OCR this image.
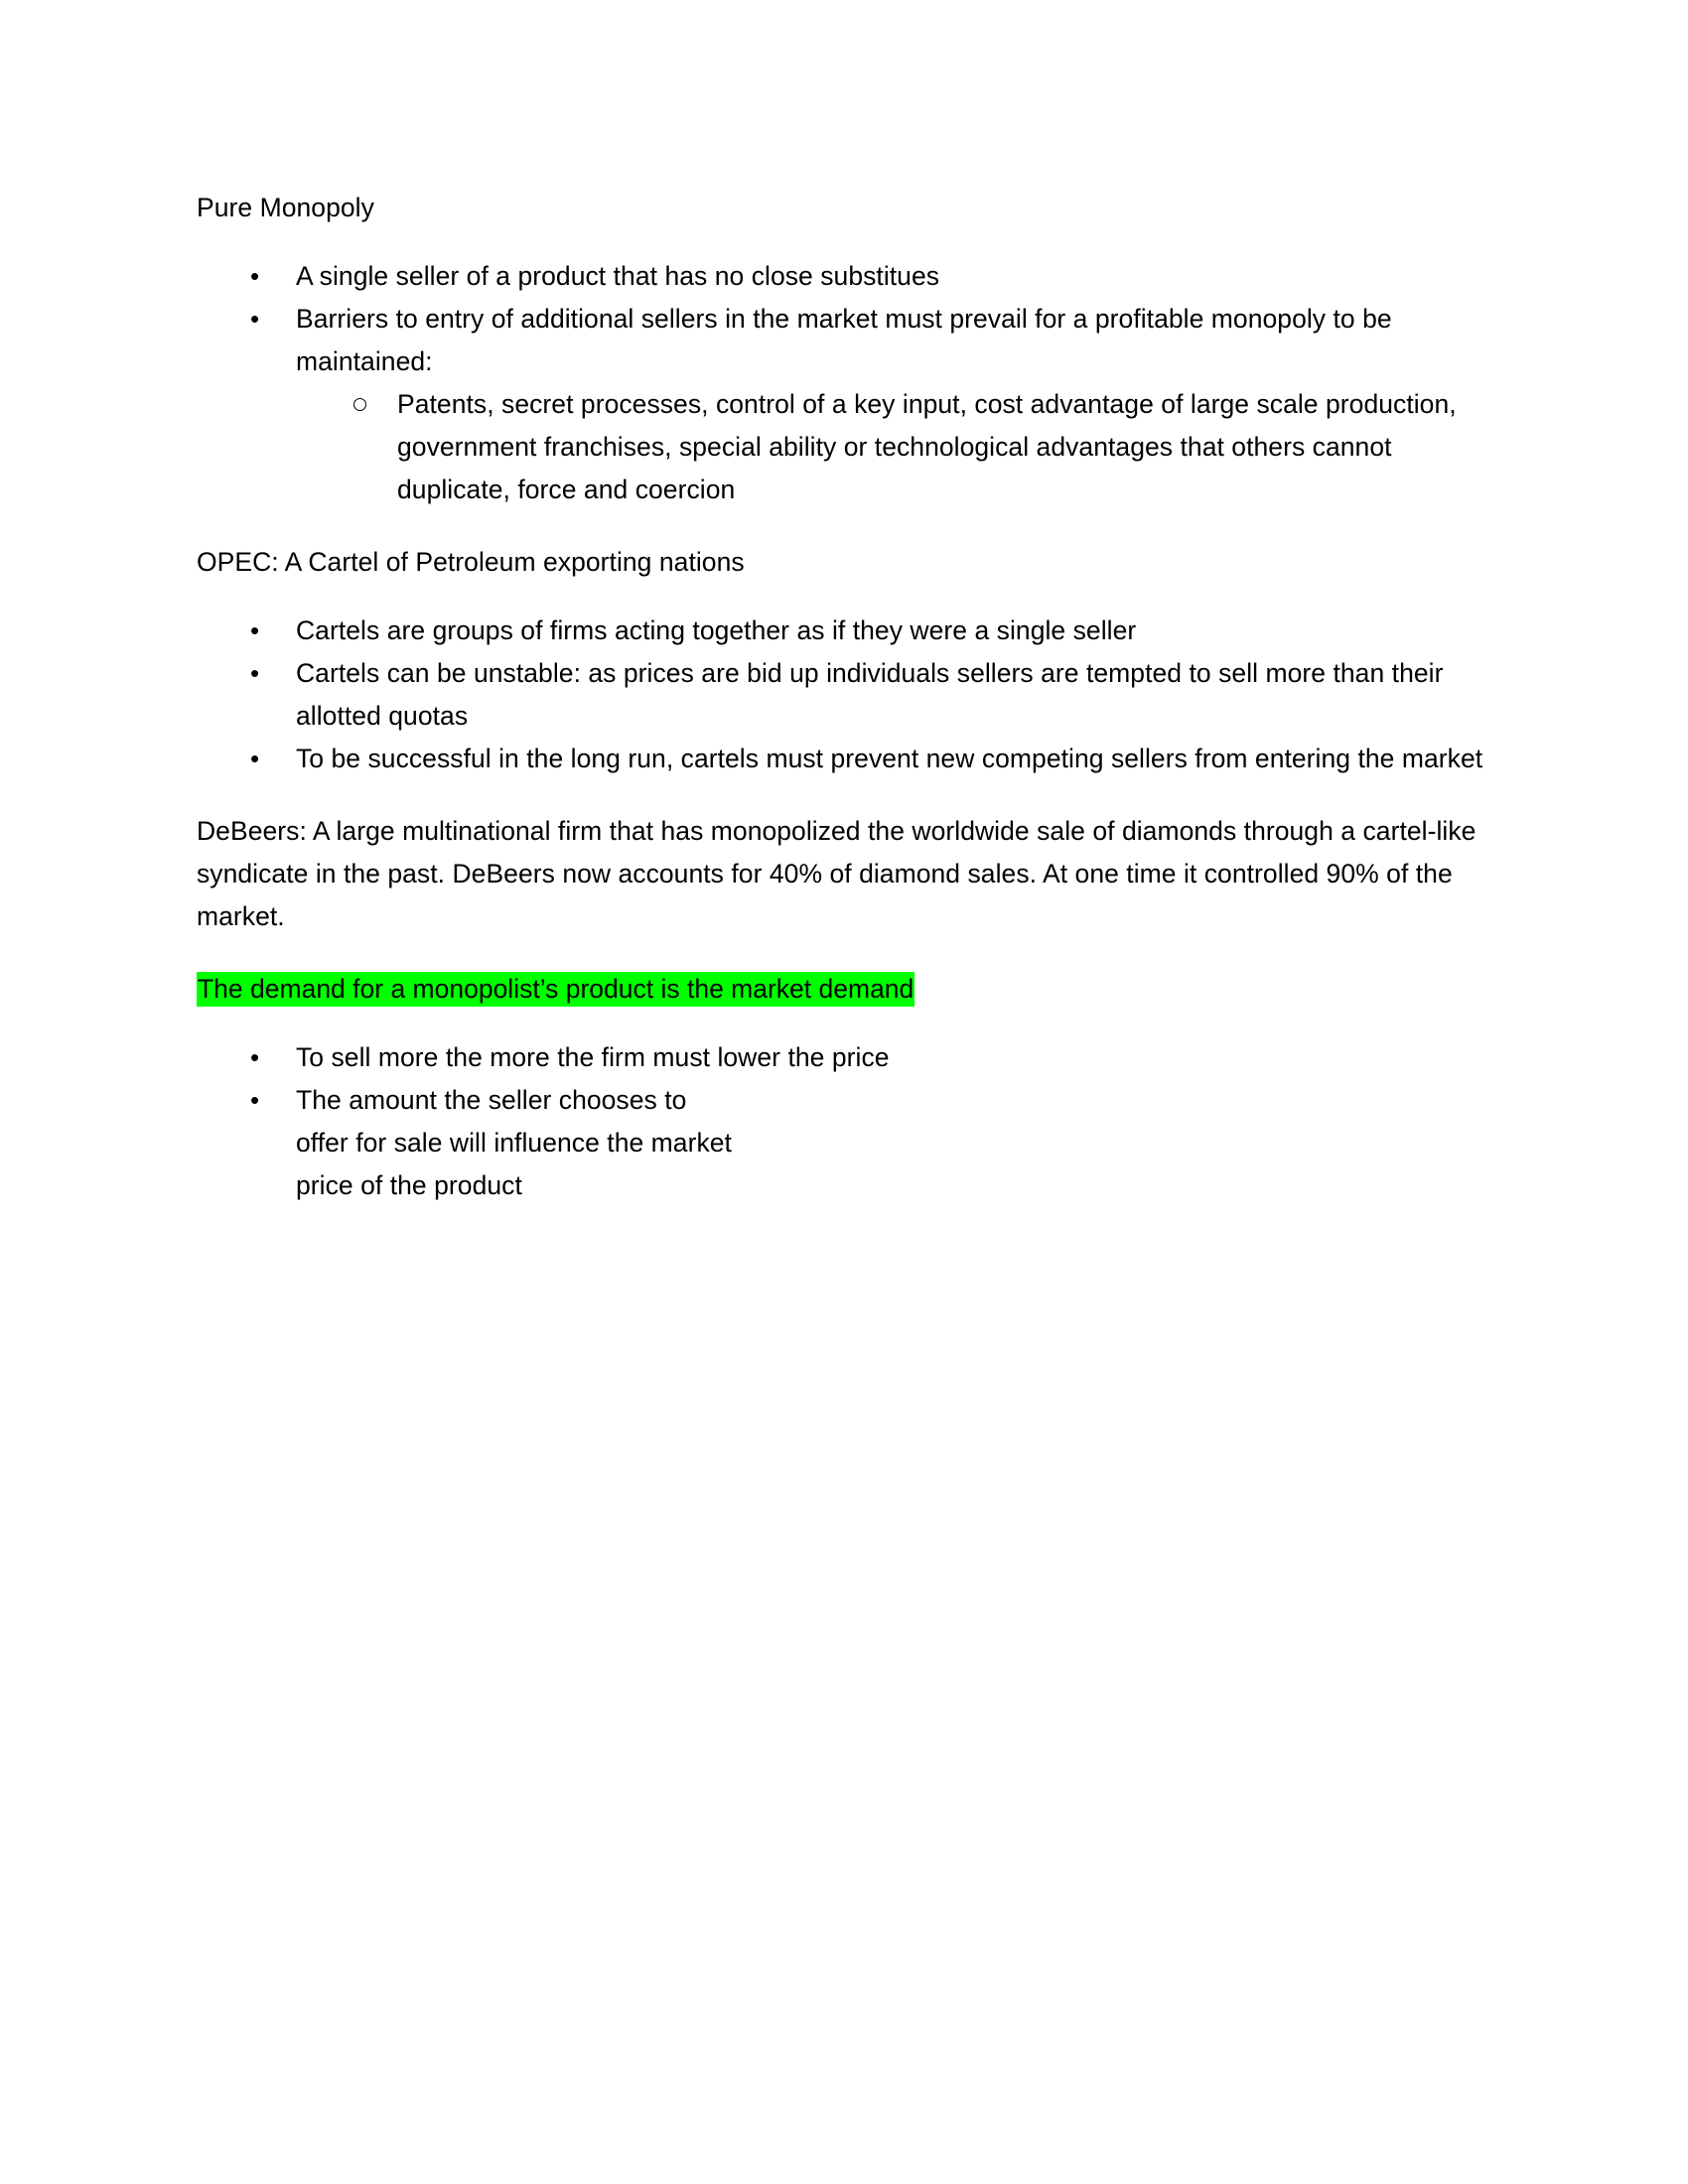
Pure Monopoly

• A single seller of a product that has no close substitues
• Barriers to entry of additional sellers in the market must prevail for a profitable monopoly to be maintained:
Patents, secret processes, control of a key input, cost advantage of large scale production, government franchises, special ability or technological advantages that others cannot duplicate, force and coercion

OPEC: A Cartel of Petroleum exporting nations

• Cartels are groups of firms acting together as if they were a single seller
• Cartels can be unstable: as prices are bid up individuals sellers are tempted to sell more than their allotted quotas
• To be successful in the long run, cartels must prevent new competing sellers from entering the market

DeBeers: A large multinational firm that has monopolized the worldwide sale of diamonds through a cartel-like syndicate in the past. DeBeers now accounts for 40% of diamond sales. At one time it controlled 90% of the market.

The demand for a monopolist’s product is the market demand

• To sell more the more the firm must lower the price
• The amount the seller chooses to offer for sale will influence the market price of the product
